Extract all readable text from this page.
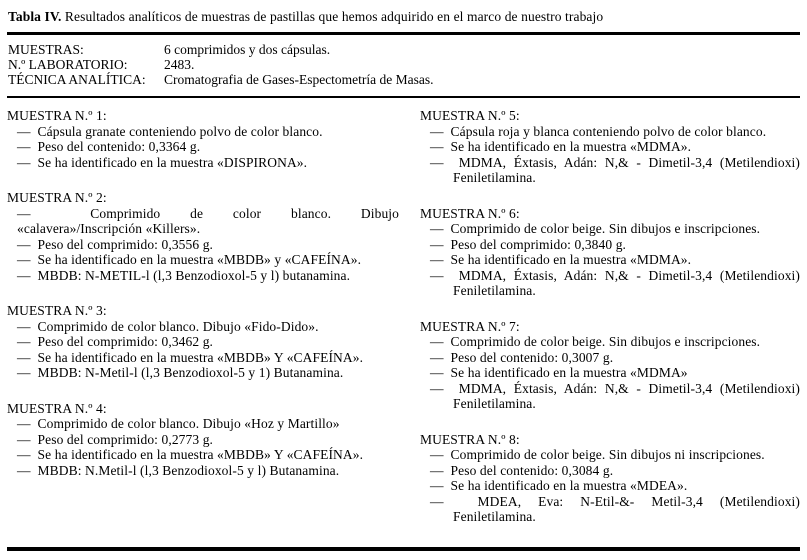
Tabla IV. Resultados analíticos de muestras de pastillas que hemos adquirido en el marco de nuestro trabajo
MUESTRAS:	6 comprimidos y dos cápsulas.
N.º LABORATORIO:	2483.
TÉCNICA ANALÍTICA:	Cromatografia de Gases-Espectometría de Masas.
MUESTRA N.º 1:
—  Cápsula granate conteniendo polvo de color blanco.
—  Peso del contenido: 0,3364 g.
—  Se ha identificado en la muestra «DISPIRONA».
MUESTRA N.º 2:
—  Comprimido de color blanco. Dibujo
«calavera»/Inscripción «Killers».
—  Peso del comprimido: 0,3556 g.
—  Se ha identificado en la muestra «MBDB» y «CAFEÍNA».
—  MBDB: N-METIL-l (l,3 Benzodioxol-5 y l) butanamina.
MUESTRA N.º 3:
—  Comprimido de color blanco. Dibujo «Fido-Dido».
—  Peso del comprimido: 0,3462 g.
—  Se ha identificado en la muestra «MBDB» Y «CAFEÍNA».
—  MBDB: N-Metil-l (l,3 Benzodioxol-5 y 1) Butanamina.
MUESTRA N.º 4:
—  Comprimido de color blanco. Dibujo «Hoz y Martillo»
—  Peso del comprimido: 0,2773 g.
—  Se ha identificado en la muestra «MBDB» Y «CAFEÍNA».
—  MBDB: N.Metil-l (l,3 Benzodioxol-5 y l) Butanamina.
MUESTRA N.º 5:
—  Cápsula roja y blanca conteniendo polvo de color blanco.
—  Se ha identificado en la muestra «MDMA».
—  MDMA, Éxtasis, Adán: N,& - Dimetil-3,4 (Metilendioxi)
Feniletilamina.
MUESTRA N.º 6:
—  Comprimido de color beige. Sin dibujos e inscripciones.
—  Peso del comprimido: 0,3840 g.
—  Se ha identificado en la muestra «MDMA».
—  MDMA, Éxtasis, Adán: N,& - Dimetil-3,4 (Metilendioxi)
Feniletilamina.
MUESTRA N.º 7:
—  Comprimido de color beige. Sin dibujos e inscripciones.
—  Peso del contenido: 0,3007 g.
—  Se ha identificado en la muestra «MDMA»
—  MDMA, Éxtasis, Adán: N,& - Dimetil-3,4 (Metilendioxi)
Feniletilamina.
MUESTRA N.º 8:
—  Comprimido de color beige. Sin dibujos ni inscripciones.
—  Peso del contenido: 0,3084 g.
—  Se ha identificado en la muestra «MDEA».
—  MDEA, Eva: N-Etil-&- Metil-3,4 (Metilendioxi)
Feniletilamina.
